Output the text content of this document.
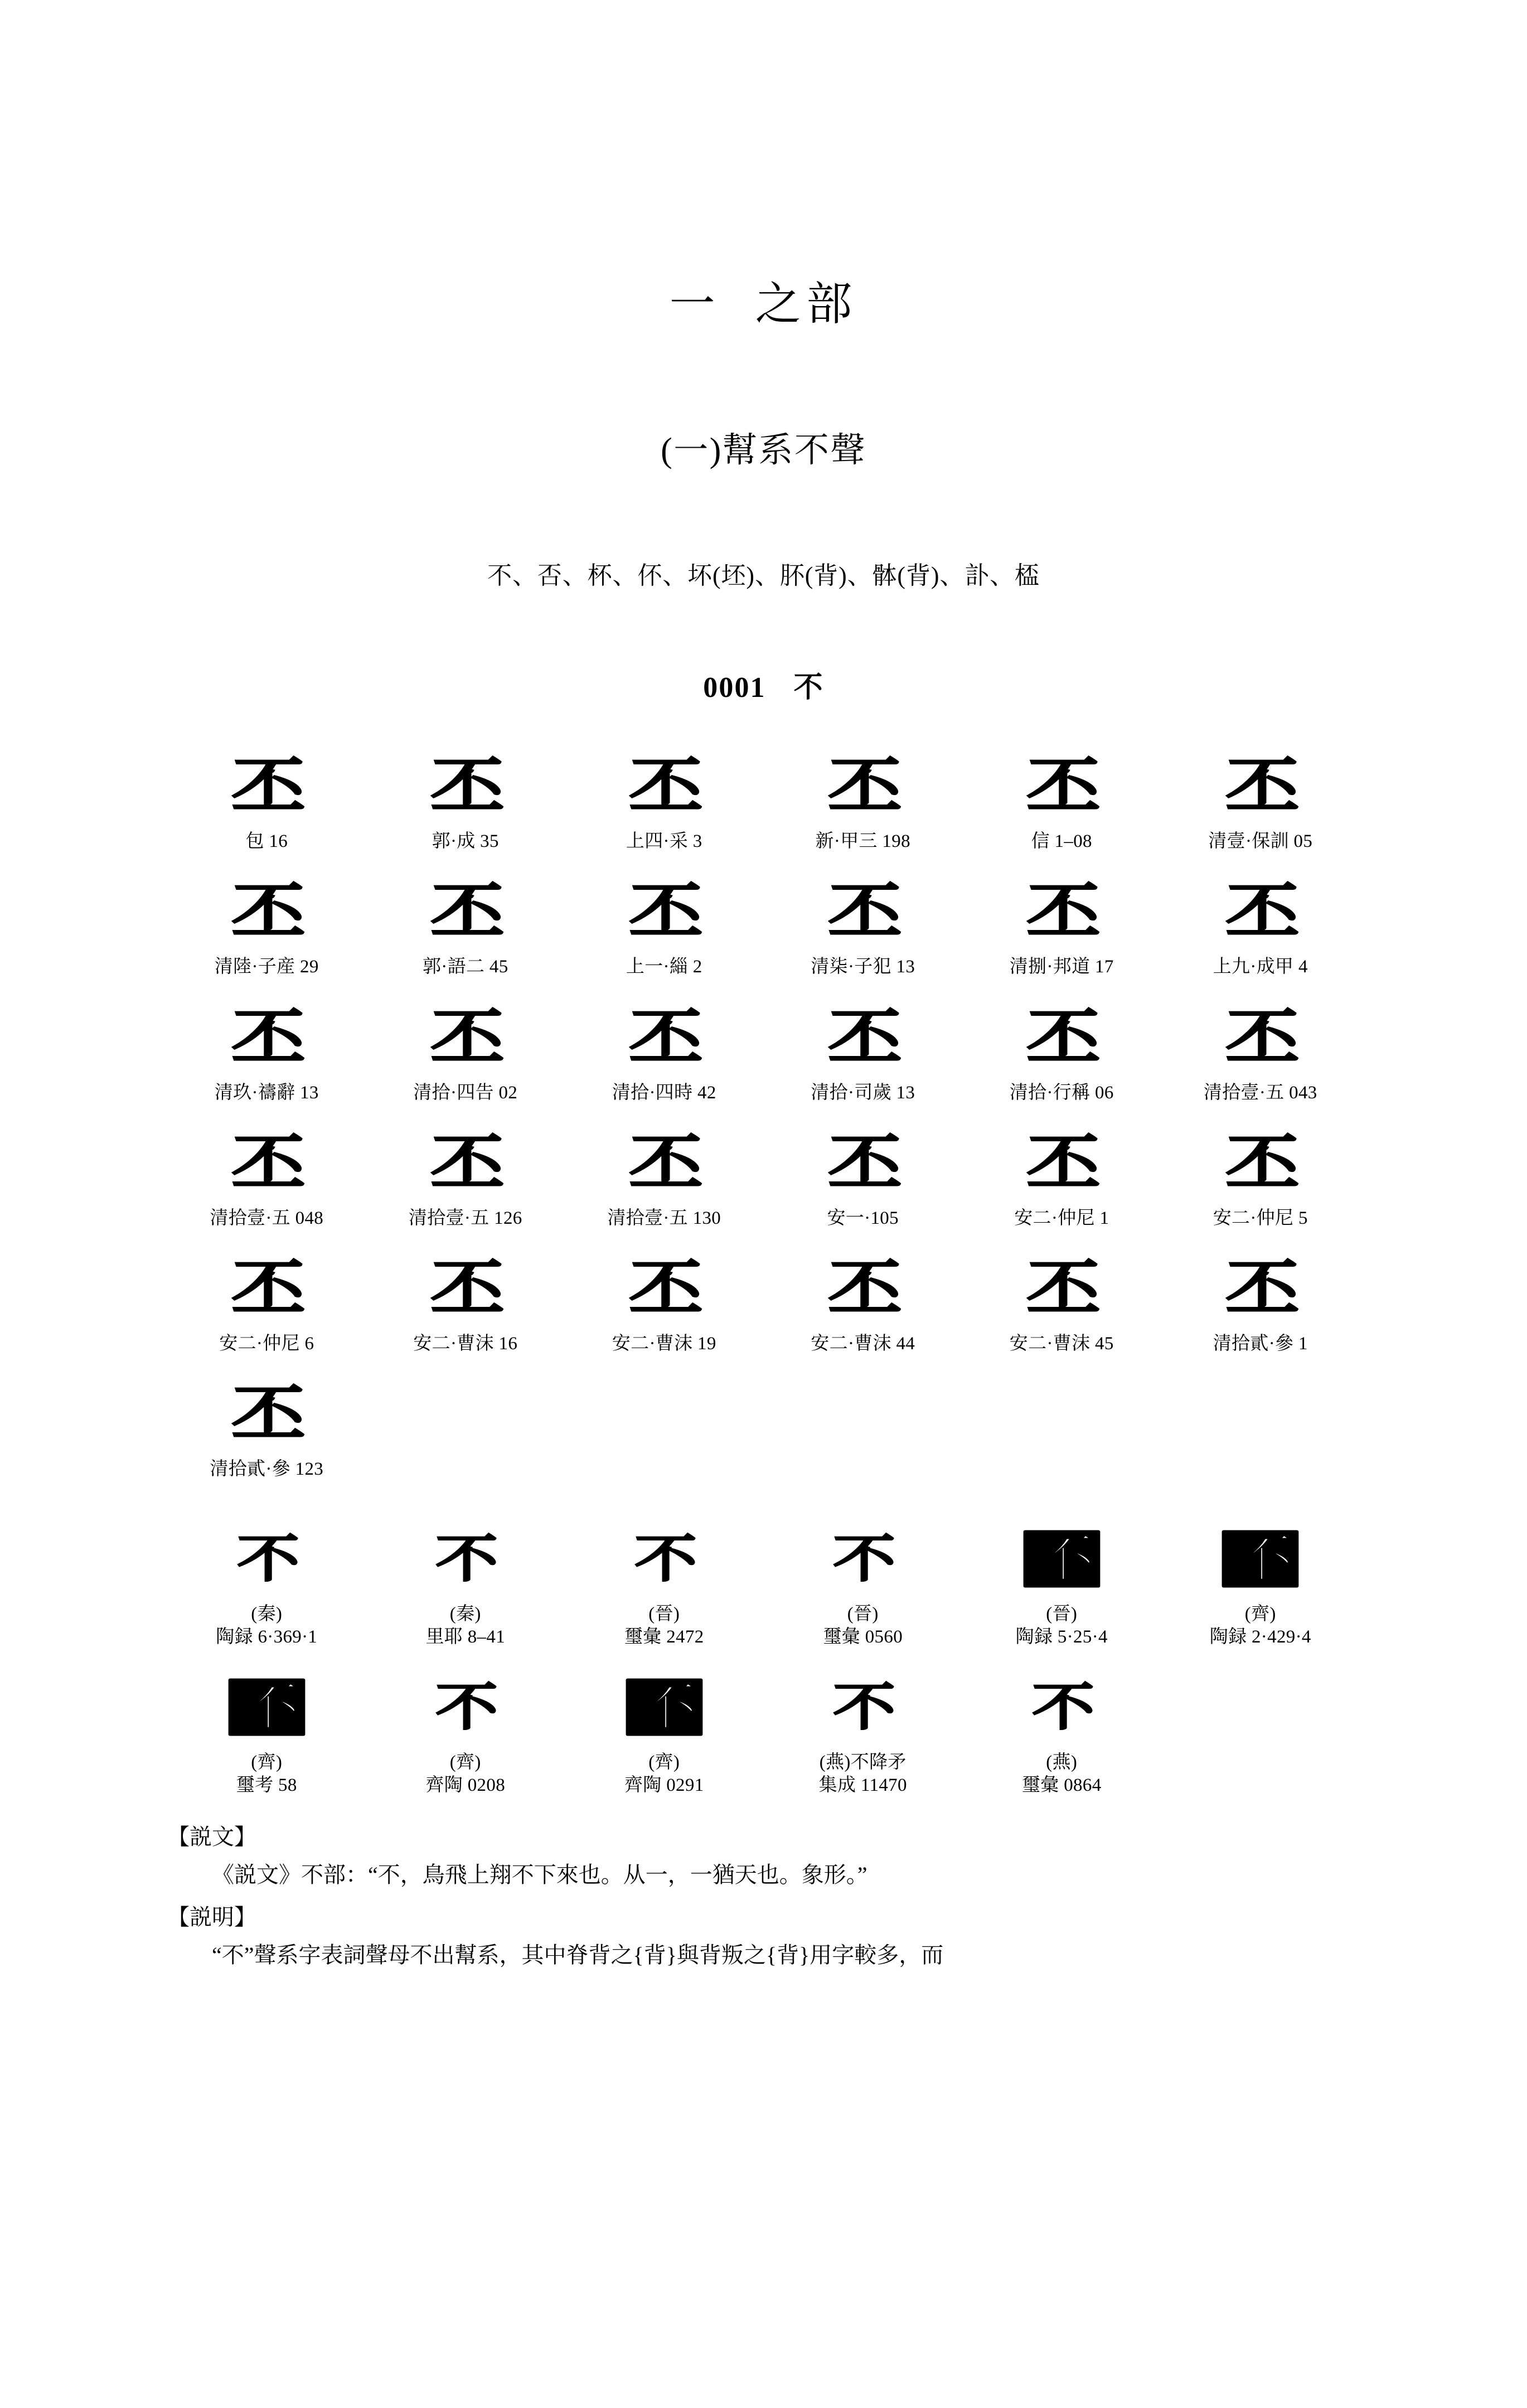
一 之部
(一)幫系不聲
不、否、杯、伓、坏(坯)、肧(背)、骵(背)、訃、㮎
0001 不
丕
包 16
丕
郭·成 35
丕
上四·采 3
丕
新·甲三 198
丕
信 1–08
丕
清壹·保訓 05
丕
清陸·子産 29
丕
郭·語二 45
丕
上一·緇 2
丕
清柒·子犯 13
丕
清捌·邦道 17
丕
上九·成甲 4
丕
清玖·禱辭 13
丕
清拾·四告 02
丕
清拾·四時 42
丕
清拾·司歲 13
丕
清拾·行稱 06
丕
清拾壹·五 043
丕
清拾壹·五 048
丕
清拾壹·五 126
丕
清拾壹·五 130
丕
安一·105
丕
安二·仲尼 1
丕
安二·仲尼 5
丕
安二·仲尼 6
丕
安二·曹沫 16
丕
安二·曹沫 19
丕
安二·曹沫 44
丕
安二·曹沫 45
丕
清拾貳·參 1
丕
清拾貳·參 123
不
(秦)
陶録 6·369·1
不
(秦)
里耶 8–41
不
(晉)
璽彙 2472
不
(晉)
璽彙 0560
不
(晉)
陶録 5·25·4
不
(齊)
陶録 2·429·4
不
(齊)
璽考 58
不
(齊)
齊陶 0208
不
(齊)
齊陶 0291
不
(燕)不降矛
集成 11470
不
(燕)
璽彙 0864
【説文】

《説文》不部：“不，鳥飛上翔不下來也。从一，一猶天也。象形。”

【説明】

“不”聲系字表詞聲母不出幫系，其中脊背之{背}與背叛之{背}用字較多，而
